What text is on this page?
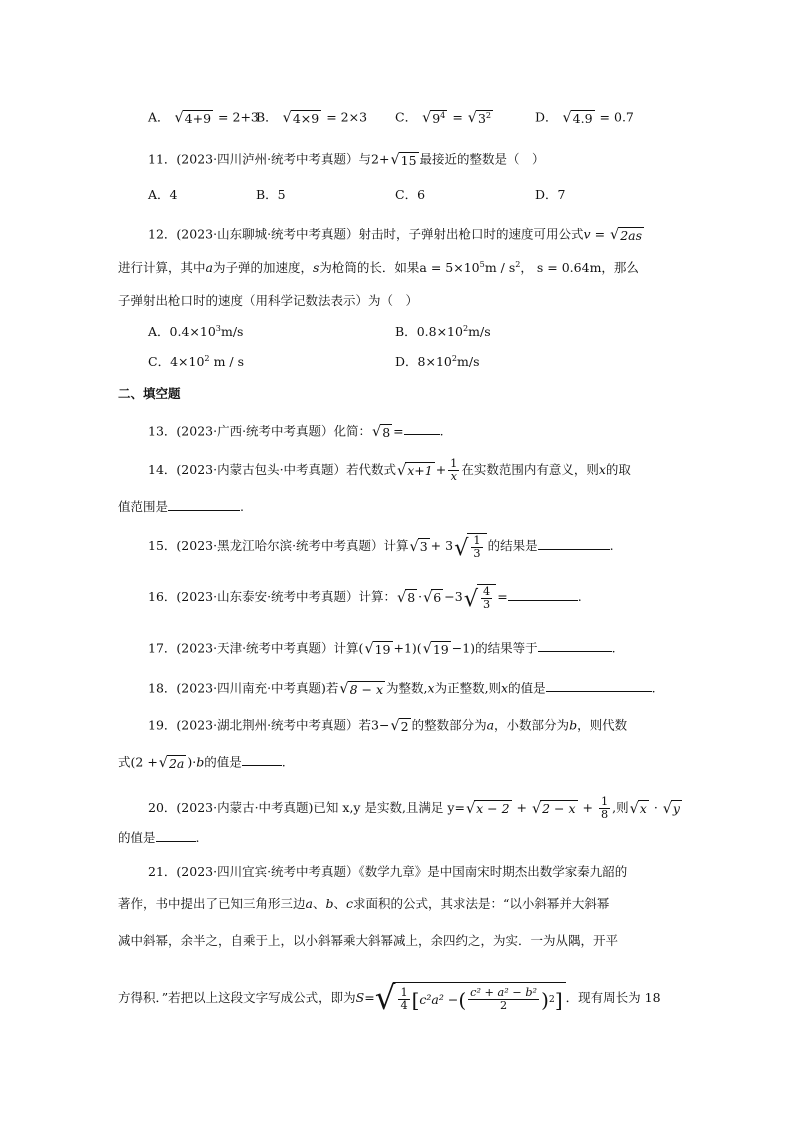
A． √ 4+9 = 2+3
B． √ 4×9 = 2×3 C． √ $9^4$ = √ $3^2$	D． √ 4.9 = 0.7
11．(2023·四川泸州·统考中考真题）与2+ √ 15 最接近的整数是（　）
A．4	B．5	C．6	D．7
12．(2023·山东聊城·统考中考真题）射击时，子弹射出枪口时的速度可用公式v = √ 2as
进行计算，其中a为子弹的加速度，s为枪筒的长．如果$a = 5\times 10^5m / s^2$， s = 0.64m，那么
子弹射出枪口时的速度（用科学记数法表示）为（　）
A．$0.4\times 10^3m/s$	B．$0.8\times 10^2m/s$
C．$4\times 10^2$ m / s	D．$8\times 10^2m/s$
二、填空题
13．(2023·广西·统考中考真题）化简： √ 8 =	.
14．(2023·内蒙古包头·中考真题）若代数式 √ $x+1 + \frac{1}{x}$ 在实数范围内有意义，则x的取
值范围是	.
15．(2023·黑龙江哈尔滨·统考中考真题）计算 √ 3 + 3 √ $\frac{1}{3}$ 的结果是	.
16．(2023·山东泰安·统考中考真题）计算： √ 8 · √ 6 −3 √ $\frac{4}{3}$ =	.
17．(2023·天津·统考中考真题）计算( √ 19 +1)( √ 19 −1)的结果等于	.
18．(2023·四川南充·中考真题)若 √ 8 − x 为整数,x为正整数,则x的值是	.
19．(2023·湖北荆州·统考中考真题）若3− √ 2 的整数部分为a，小数部分为b，则代数
式(2 + √ 2a )·b的值是	.
20．(2023·内蒙古·中考真题)已知 x,y 是实数,且满足 y= √ x − 2 + √ $2 - x + \frac{1}{8}$ ,则 √ x · √ y
的值是	.
21．(2023·四川宜宾·统考中考真题）《数学九章》是中国南宋时期杰出数学家秦九韶的
著作，书中提出了已知三角形三边a、b、c求面积的公式，其求法是：“以小斜幂并大斜幂
减中斜幂，余半之，自乘于上，以小斜幂乘大斜幂减上，余四约之，为实．一为从隅，开平
方得积．”若把以上这段文字写成公式，即为 S = √ $\frac{1}{4}$ [ c²a² − ( $\frac{\text{c² + a² − b²}}{2}$ ) 2 ] ．现有周长为 18
